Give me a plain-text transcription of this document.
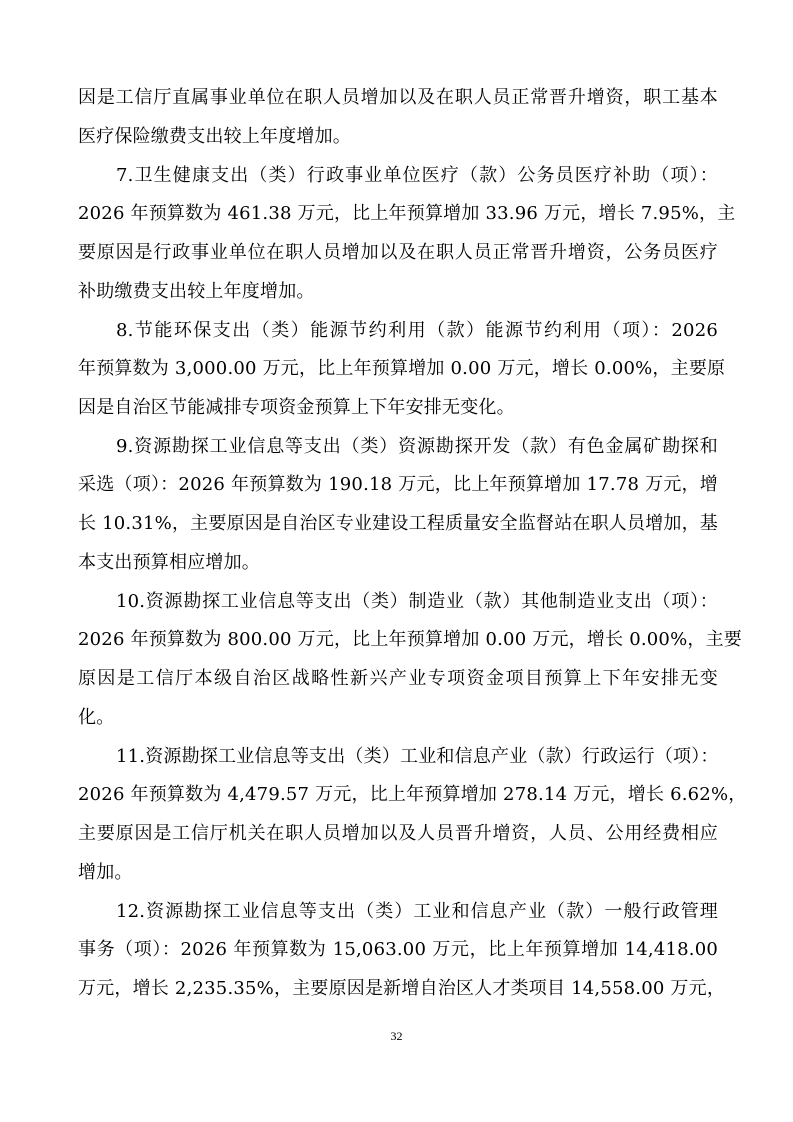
因是工信厅直属事业单位在职人员增加以及在职人员正常晋升增资，职工基本
医疗保险缴费支出较上年度增加。
7.卫生健康支出（类）行政事业单位医疗（款）公务员医疗补助（项）：
2026 年预算数为 461.38 万元，比上年预算增加 33.96 万元，增长 7.95%，主
要原因是行政事业单位在职人员增加以及在职人员正常晋升增资，公务员医疗
补助缴费支出较上年度增加。
8.节能环保支出（类）能源节约利用（款）能源节约利用（项）：2026
年预算数为 3,000.00 万元，比上年预算增加 0.00 万元，增长 0.00%，主要原
因是自治区节能减排专项资金预算上下年安排无变化。
9.资源勘探工业信息等支出（类）资源勘探开发（款）有色金属矿勘探和
采选（项）：2026 年预算数为 190.18 万元，比上年预算增加 17.78 万元，增
长 10.31%，主要原因是自治区专业建设工程质量安全监督站在职人员增加，基
本支出预算相应增加。
10.资源勘探工业信息等支出（类）制造业（款）其他制造业支出（项）：
2026 年预算数为 800.00 万元，比上年预算增加 0.00 万元，增长 0.00%，主要
原因是工信厅本级自治区战略性新兴产业专项资金项目预算上下年安排无变
化。
11.资源勘探工业信息等支出（类）工业和信息产业（款）行政运行（项）：
2026 年预算数为 4,479.57 万元，比上年预算增加 278.14 万元，增长 6.62%，
主要原因是工信厅机关在职人员增加以及人员晋升增资，人员、公用经费相应
增加。
12.资源勘探工业信息等支出（类）工业和信息产业（款）一般行政管理
事务（项）：2026 年预算数为 15,063.00 万元，比上年预算增加 14,418.00
万元，增长 2,235.35%，主要原因是新增自治区人才类项目 14,558.00 万元，
32
